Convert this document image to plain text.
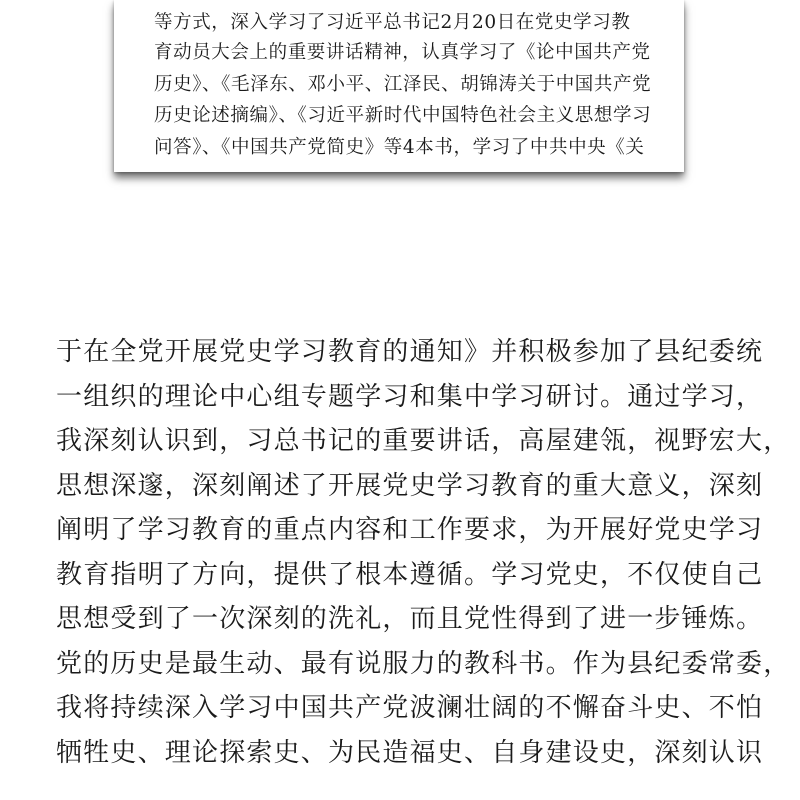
等方式，深入学习了习近平总书记2月20日在党史学习教
育动员大会上的重要讲话精神，认真学习了《论中国共产党
历史》、《毛泽东、邓小平、江泽民、胡锦涛关于中国共产党
历史论述摘编》、《习近平新时代中国特色社会主义思想学习
问答》、《中国共产党简史》等4本书，学习了中共中央《关
于在全党开展党史学习教育的通知》并积极参加了县纪委统
一组织的理论中心组专题学习和集中学习研讨。通过学习，
我深刻认识到，习总书记的重要讲话，高屋建瓴，视野宏大，
思想深邃，深刻阐述了开展党史学习教育的重大意义，深刻
阐明了学习教育的重点内容和工作要求，为开展好党史学习
教育指明了方向，提供了根本遵循。学习党史，不仅使自己
思想受到了一次深刻的洗礼，而且党性得到了进一步锤炼。
党的历史是最生动、最有说服力的教科书。作为县纪委常委，
我将持续深入学习中国共产党波澜壮阔的不懈奋斗史、不怕
牺牲史、理论探索史、为民造福史、自身建设史，深刻认识
